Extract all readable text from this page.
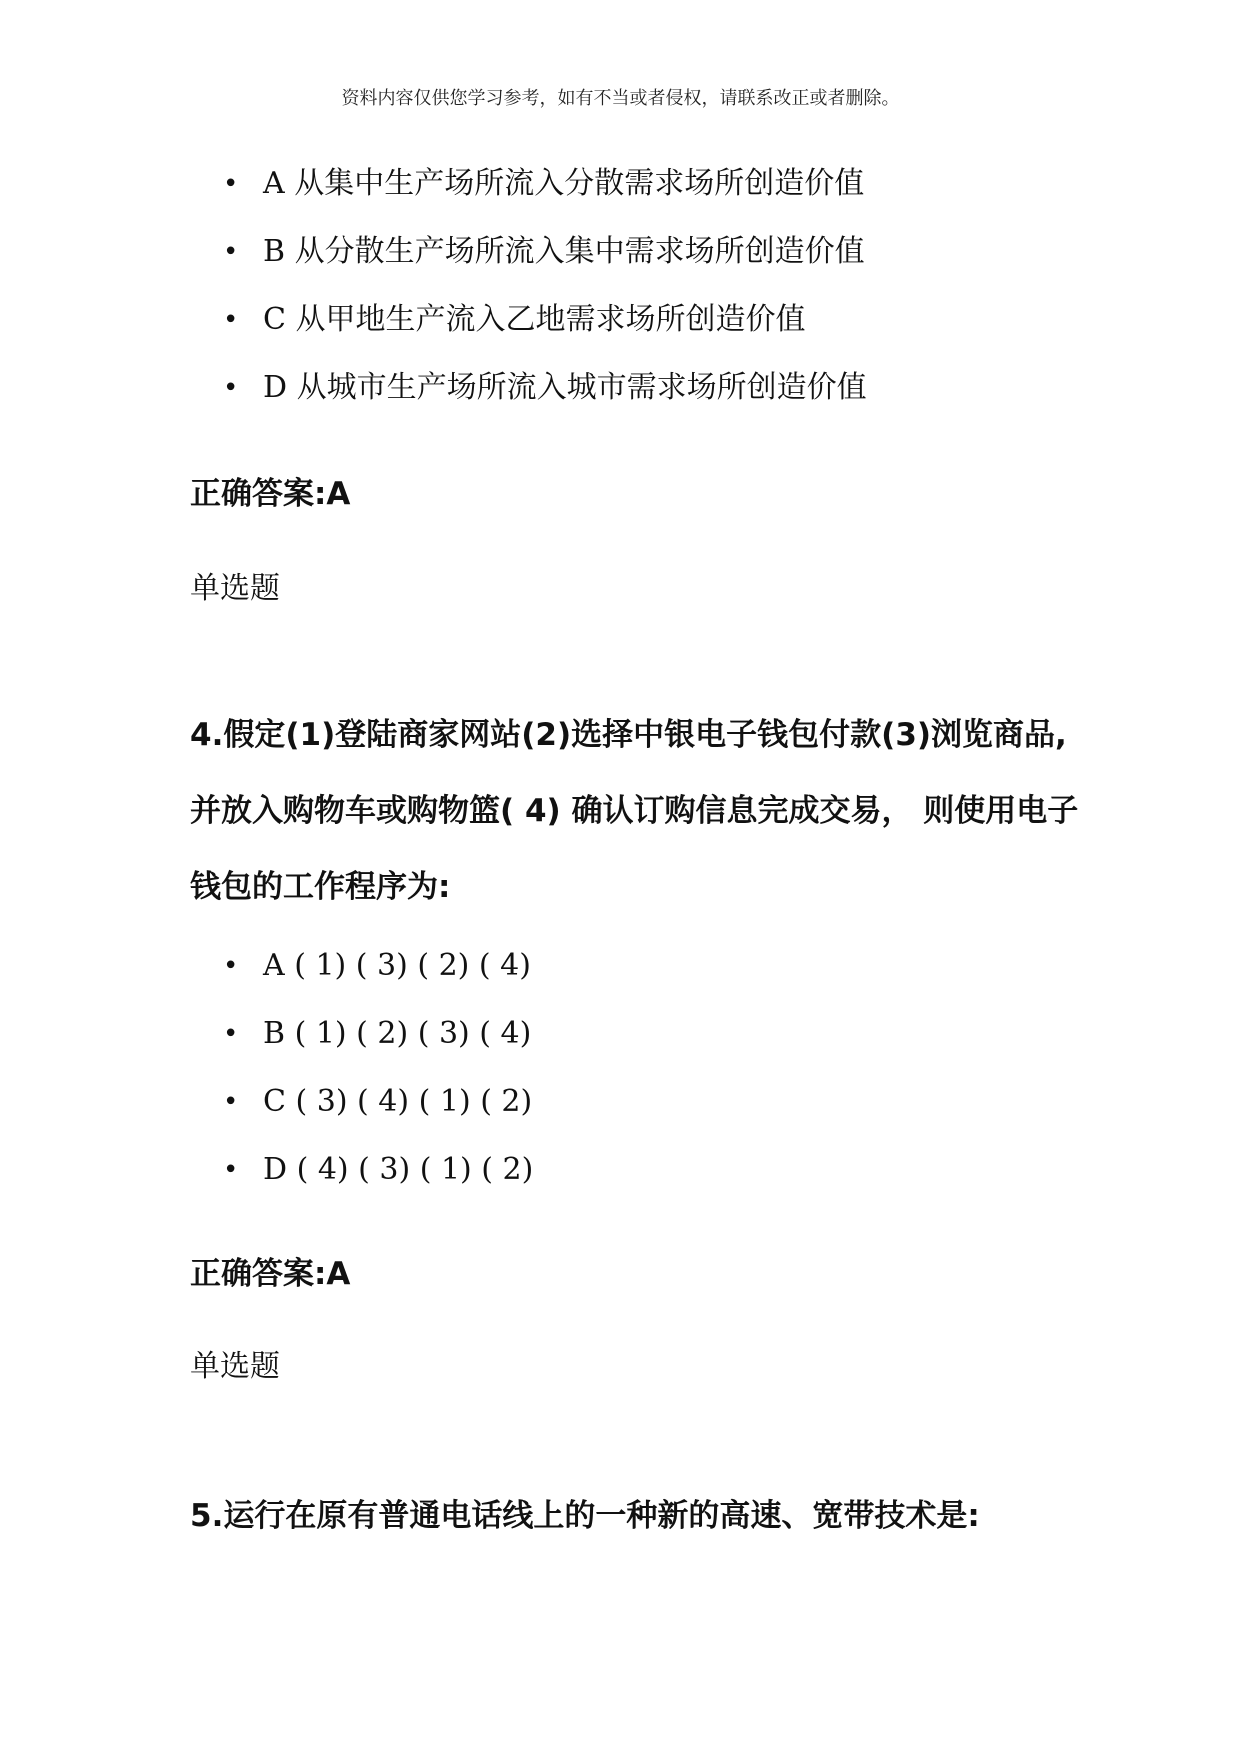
资料内容仅供您学习参考，如有不当或者侵权，请联系改正或者删除。
• A 从集中生产场所流入分散需求场所创造价值
• B 从分散生产场所流入集中需求场所创造价值
• C 从甲地生产流入乙地需求场所创造价值
• D 从城市生产场所流入城市需求场所创造价值
正确答案:A
单选题
4.假定(1)登陆商家网站(2)选择中银电子钱包付款(3)浏览商品,
并放入购物车或购物篮( 4) 确认订购信息完成交易， 则使用电子
钱包的工作程序为:
• A ( 1) ( 3) ( 2) ( 4)
• B ( 1) ( 2) ( 3) ( 4)
• C ( 3) ( 4) ( 1) ( 2)
• D ( 4) ( 3) ( 1) ( 2)
正确答案:A
单选题
5.运行在原有普通电话线上的一种新的高速、宽带技术是:
